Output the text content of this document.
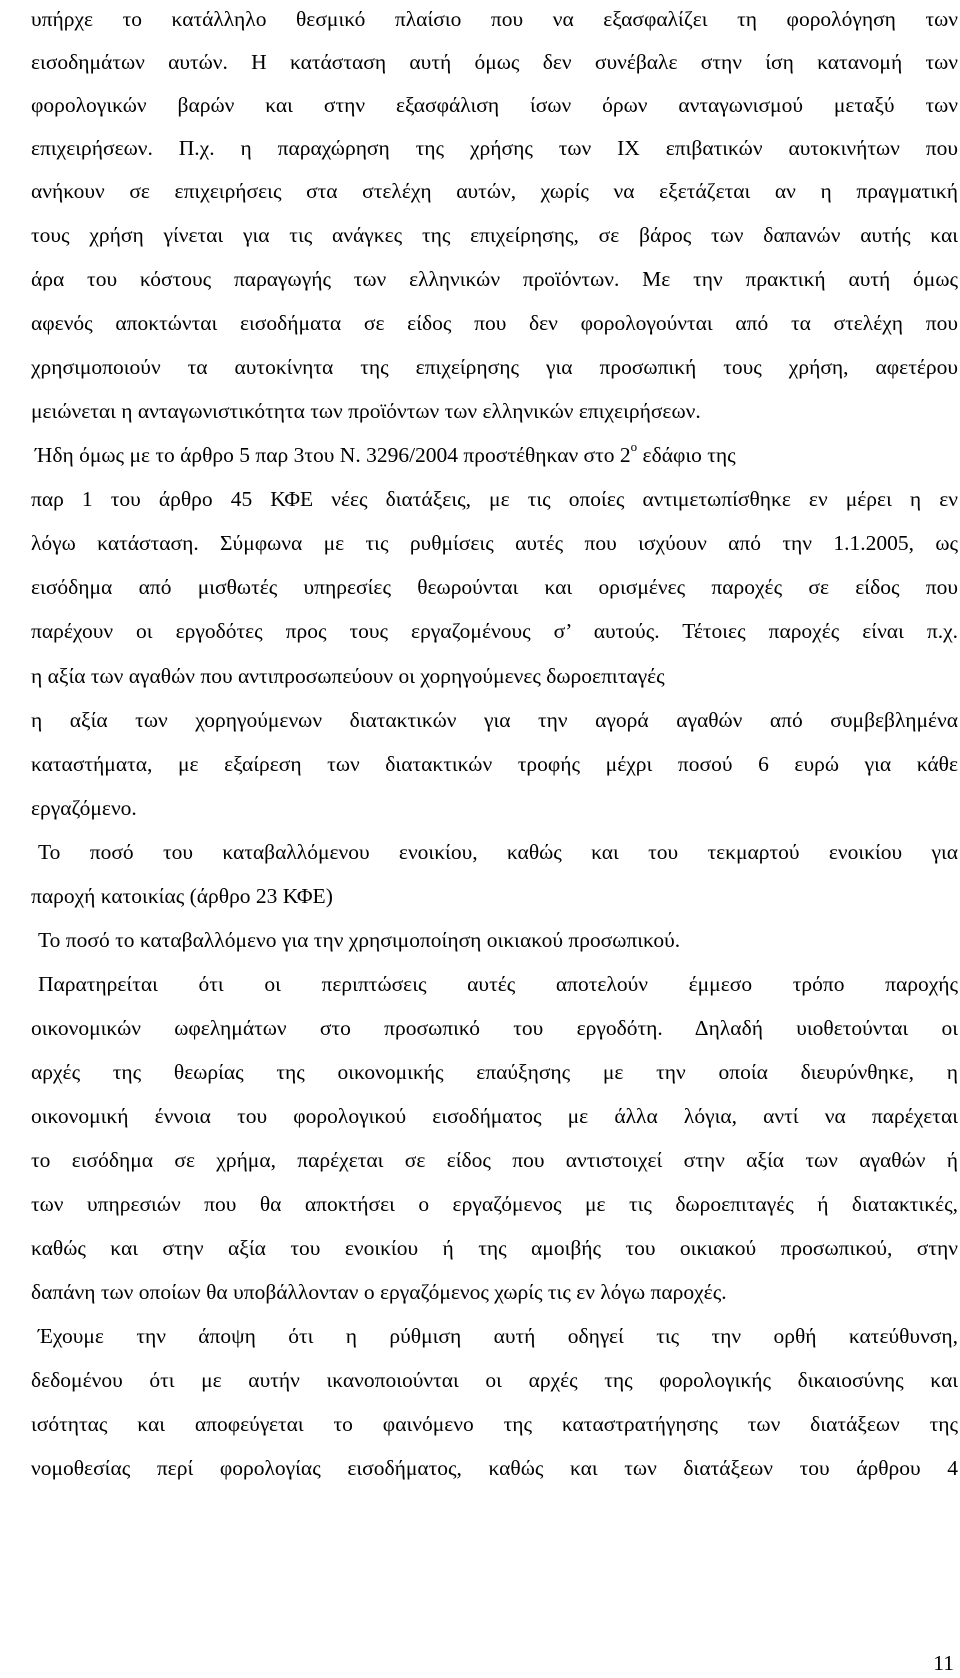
υπήρχε το κατάλληλο θεσμικό πλαίσιο που να εξασφαλίζει τη φορολόγηση των
εισοδημάτων αυτών. Η κατάσταση αυτή όμως δεν συνέβαλε στην ίση κατανομή των
φορολογικών βαρών και στην εξασφάλιση ίσων όρων ανταγωνισμού μεταξύ των
επιχειρήσεων. Π.χ. η παραχώρηση της χρήσης των ΙΧ επιβατικών αυτοκινήτων που
ανήκουν σε επιχειρήσεις στα στελέχη αυτών, χωρίς να εξετάζεται αν η πραγματική
τους χρήση γίνεται για τις ανάγκες της επιχείρησης, σε βάρος των δαπανών αυτής και
άρα του κόστους παραγωγής των ελληνικών προϊόντων. Με την πρακτική αυτή όμως
αφενός αποκτώνται εισοδήματα σε είδος που δεν φορολογούνται από τα στελέχη που
χρησιμοποιούν τα αυτοκίνητα της επιχείρησης για προσωπική τους χρήση, αφετέρου
μειώνεται η ανταγωνιστικότητα των προϊόντων των ελληνικών επιχειρήσεων.
Ήδη όμως με το άρθρο 5 παρ 3του Ν. 3296/2004 προστέθηκαν στο $2^o$ εδάφιο της
παρ 1 του άρθρο 45 ΚΦΕ νέες διατάξεις, με τις οποίες αντιμετωπίσθηκε εν μέρει η εν
λόγω κατάσταση. Σύμφωνα με τις ρυθμίσεις αυτές που ισχύουν από την 1.1.2005, ως
εισόδημα από μισθωτές υπηρεσίες θεωρούνται και ορισμένες παροχές σε είδος που
παρέχουν οι εργοδότες προς τους εργαζομένους σ’ αυτούς. Τέτοιες παροχές είναι π.χ.
η αξία των αγαθών που αντιπροσωπεύουν οι χορηγούμενες δωροεπιταγές
η αξία των χορηγούμενων διατακτικών για την αγορά αγαθών από συμβεβλημένα
καταστήματα, με εξαίρεση των διατακτικών τροφής μέχρι ποσού 6 ευρώ για κάθε
εργαζόμενο.
Το ποσό του καταβαλλόμενου ενοικίου, καθώς και του τεκμαρτού ενοικίου για
παροχή κατοικίας (άρθρο 23 ΚΦΕ)
Το ποσό το καταβαλλόμενο για την χρησιμοποίηση οικιακού προσωπικού.
Παρατηρείται ότι οι περιπτώσεις αυτές αποτελούν έμμεσο τρόπο παροχής
οικονομικών ωφελημάτων στο προσωπικό του εργοδότη. Δηλαδή υιοθετούνται οι
αρχές της θεωρίας της οικονομικής επαύξησης με την οποία διευρύνθηκε, η
οικονομική έννοια του φορολογικού εισοδήματος με άλλα λόγια, αντί να παρέχεται
το εισόδημα σε χρήμα, παρέχεται σε είδος που αντιστοιχεί στην αξία των αγαθών ή
των υπηρεσιών που θα αποκτήσει ο εργαζόμενος με τις δωροεπιταγές ή διατακτικές,
καθώς και στην αξία του ενοικίου ή της αμοιβής του οικιακού προσωπικού, στην
δαπάνη των οποίων θα υποβάλλονταν ο εργαζόμενος χωρίς τις εν λόγω παροχές.
Έχουμε την άποψη ότι η ρύθμιση αυτή οδηγεί τις την ορθή κατεύθυνση,
δεδομένου ότι με αυτήν ικανοποιούνται οι αρχές της φορολογικής δικαιοσύνης και
ισότητας και αποφεύγεται το φαινόμενο της καταστρατήγησης των διατάξεων της
νομοθεσίας περί φορολογίας εισοδήματος, καθώς και των διατάξεων του άρθρου 4
11
